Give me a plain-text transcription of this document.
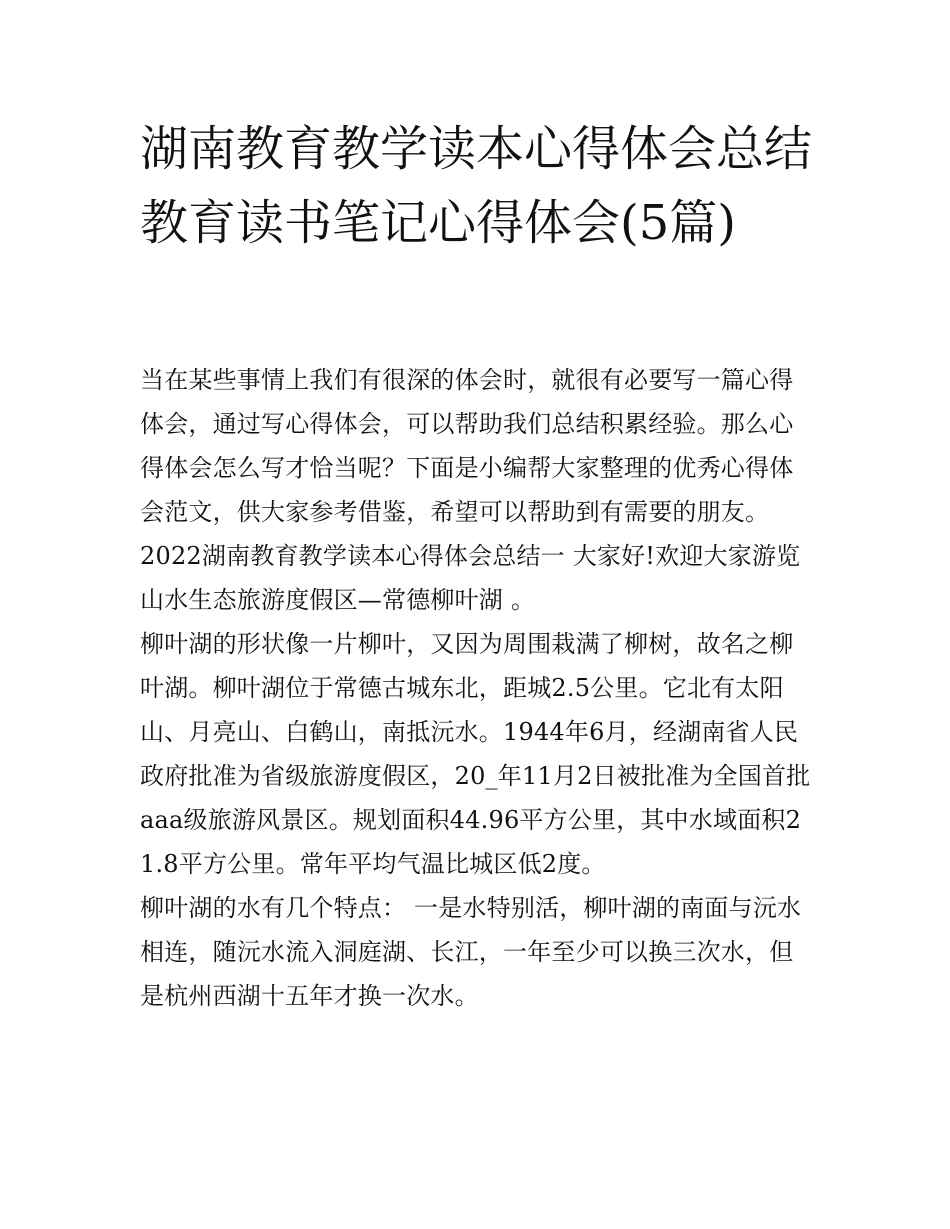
湖南教育教学读本心得体会总结 教育读书笔记心得体会(5篇)

当在某些事情上我们有很深的体会时，就很有必要写一篇心得体会，通过写心得体会，可以帮助我们总结积累经验。那么心得体会怎么写才恰当呢？下面是小编帮大家整理的优秀心得体会范文，供大家参考借鉴，希望可以帮助到有需要的朋友。

2022湖南教育教学读本心得体会总结一 大家好!欢迎大家游览山水生态旅游度假区—常德柳叶湖 。

柳叶湖的形状像一片柳叶，又因为周围栽满了柳树，故名之柳叶湖。柳叶湖位于常德古城东北，距城2.5公里。它北有太阳山、月亮山、白鹤山，南抵沅水。1944年6月，经湖南省人民政府批准为省级旅游度假区，20_年11月2日被批准为全国首批aaa级旅游风景区。规划面积44.96平方公里，其中水域面积21.8平方公里。常年平均气温比城区低2度。

柳叶湖的水有几个特点： 一是水特别活，柳叶湖的南面与沅水相连，随沅水流入洞庭湖、长江，一年至少可以换三次水，但是杭州西湖十五年才换一次水。
